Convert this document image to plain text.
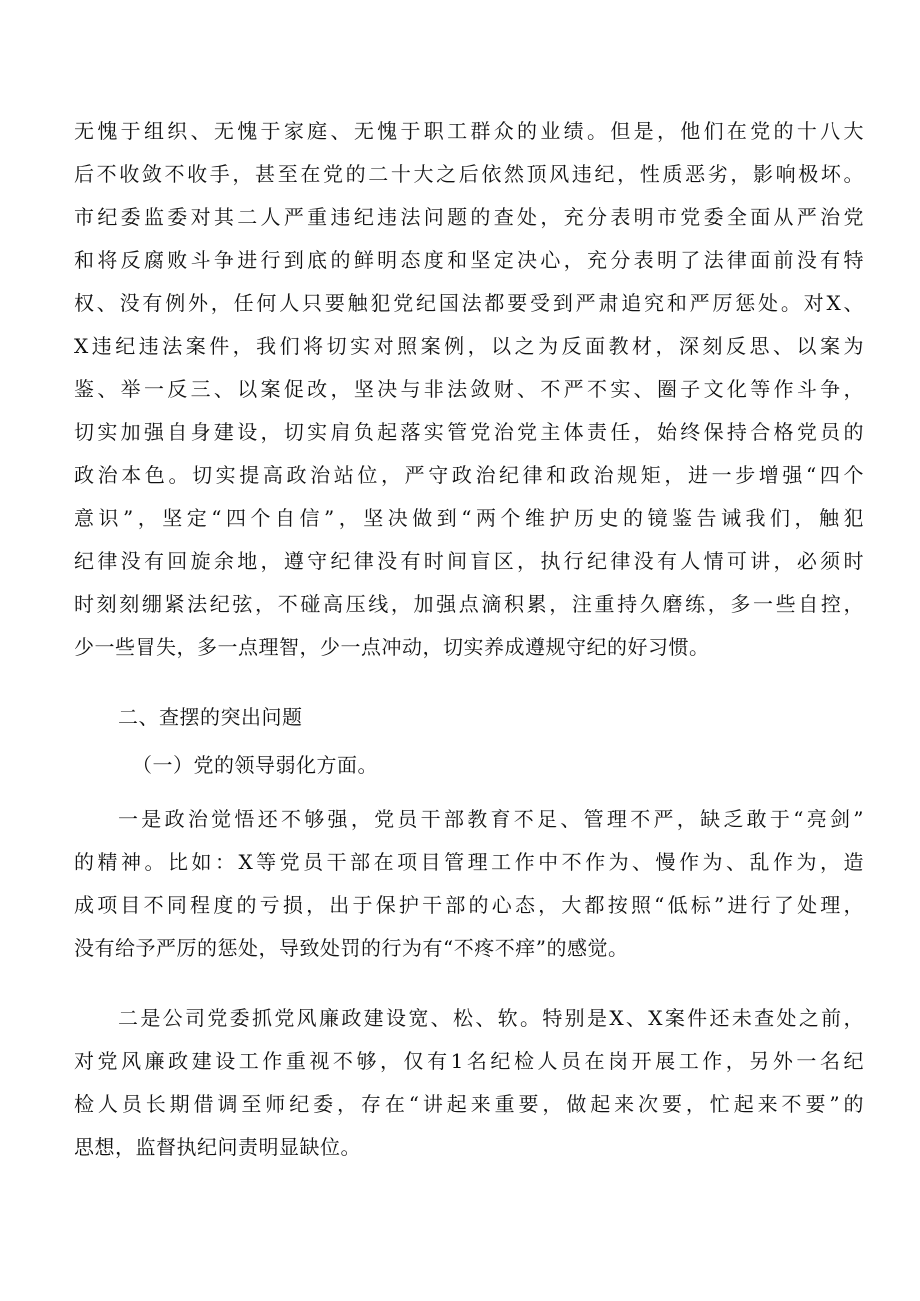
无愧于组织、无愧于家庭、无愧于职工群众的业绩。但是，他们在党的十八大
后不收敛不收手，甚至在党的二十大之后依然顶风违纪，性质恶劣，影响极坏。
市纪委监委对其二人严重违纪违法问题的查处，充分表明市党委全面从严治党
和将反腐败斗争进行到底的鲜明态度和坚定决心，充分表明了法律面前没有特
权、没有例外，任何人只要触犯党纪国法都要受到严肃追究和严厉惩处。对X、
X违纪违法案件，我们将切实对照案例，以之为反面教材，深刻反思、以案为
鉴、举一反三、以案促改，坚决与非法敛财、不严不实、圈子文化等作斗争，
切实加强自身建设，切实肩负起落实管党治党主体责任，始终保持合格党员的
政治本色。切实提高政治站位，严守政治纪律和政治规矩，进一步增强“四个
意识”，坚定“四个自信”，坚决做到“两个维护历史的镜鉴告诫我们，触犯
纪律没有回旋余地，遵守纪律没有时间盲区，执行纪律没有人情可讲，必须时
时刻刻绷紧法纪弦，不碰高压线，加强点滴积累，注重持久磨练，多一些自控，
少一些冒失，多一点理智，少一点冲动，切实养成遵规守纪的好习惯。
二、查摆的突出问题
（一）党的领导弱化方面。
一是政治觉悟还不够强，党员干部教育不足、管理不严，缺乏敢于“亮剑”
的精神。比如：X等党员干部在项目管理工作中不作为、慢作为、乱作为，造
成项目不同程度的亏损，出于保护干部的心态，大都按照“低标”进行了处理，
没有给予严厉的惩处，导致处罚的行为有“不疼不痒”的感觉。
二是公司党委抓党风廉政建设宽、松、软。特别是X、X案件还未查处之前，
对党风廉政建设工作重视不够，仅有1名纪检人员在岗开展工作，另外一名纪
检人员长期借调至师纪委，存在“讲起来重要，做起来次要，忙起来不要”的
思想，监督执纪问责明显缺位。
